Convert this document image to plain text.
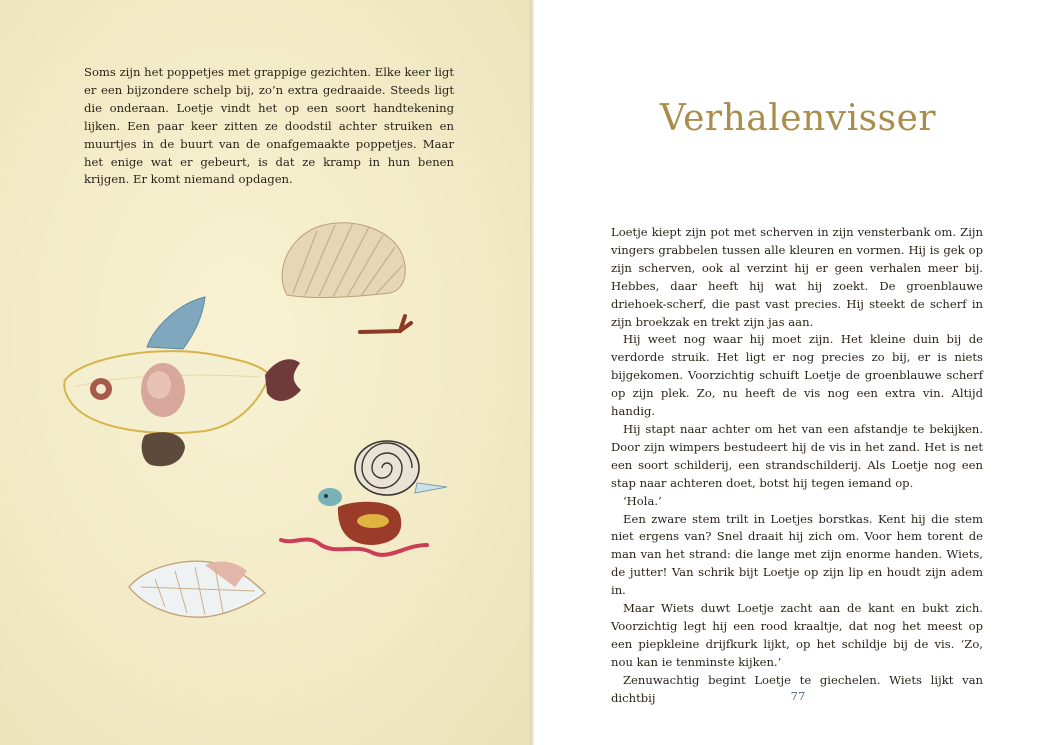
Soms zijn het poppetjes met grappige gezichten. Elke keer ligt er een bijzondere schelp bij, zo’n extra gedraaide. Steeds ligt die onderaan. Loetje vindt het op een soort handtekening lijken. Een paar keer zitten ze doodstil achter struiken en muurtjes in de buurt van de onafgemaakte poppetjes. Maar het enige wat er gebeurt, is dat ze kramp in hun benen krijgen. Er komt niemand opdagen.

Verhalenvisser

Loetje kiept zijn pot met scherven in zijn vensterbank om. Zijn vingers grabbelen tussen alle kleuren en vormen. Hij is gek op zijn scherven, ook al verzint hij er geen verhalen meer bij. Hebbes, daar heeft hij wat hij zoekt. De groenblauwe driehoek-scherf, die past vast precies. Hij steekt de scherf in zijn broekzak en trekt zijn jas aan.

Hij weet nog waar hij moet zijn. Het kleine duin bij de verdorde struik. Het ligt er nog precies zo bij, er is niets bijgekomen. Voorzichtig schuift Loetje de groenblauwe scherf op zijn plek. Zo, nu heeft de vis nog een extra vin. Altijd handig.

Hij stapt naar achter om het van een afstandje te bekijken. Door zijn wimpers bestudeert hij de vis in het zand. Het is net een soort schilderij, een strandschilderij. Als Loetje nog een stap naar achteren doet, botst hij tegen iemand op.

‘Hola.’

Een zware stem trilt in Loetjes borstkas. Kent hij die stem niet ergens van? Snel draait hij zich om. Voor hem torent de man van het strand: die lange met zijn enorme handen. Wiets, de jutter! Van schrik bijt Loetje op zijn lip en houdt zijn adem in.

Maar Wiets duwt Loetje zacht aan de kant en bukt zich. Voorzichtig legt hij een rood kraaltje, dat nog het meest op een piepkleine drijfkurk lijkt, op het schildje bij de vis. ‘Zo, nou kan ie tenminste kijken.’

Zenuwachtig begint Loetje te giechelen. Wiets lijkt van dichtbij	77
